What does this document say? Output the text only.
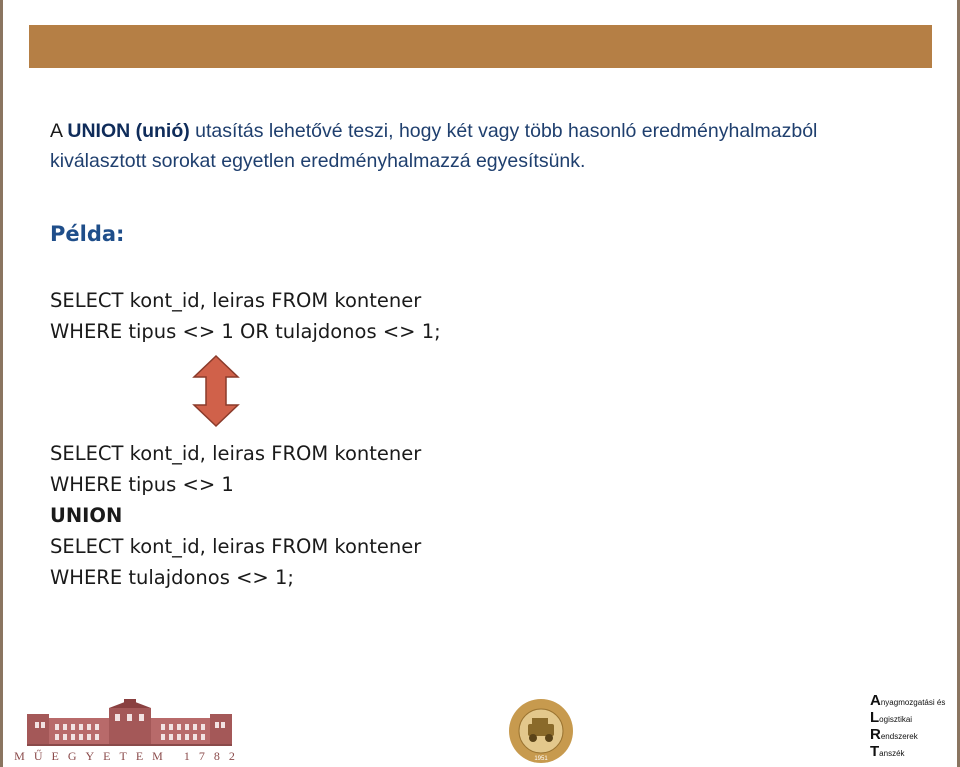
A UNION (unió) utasítás lehetővé teszi, hogy két vagy több hasonló eredményhalmazból kiválasztott sorokat egyetlen eredményhalmazzá egyesítsünk.

Példa:
SELECT kont_id, leiras FROM kontener
WHERE tipus <> 1 OR tulajdonos <> 1;
SELECT kont_id, leiras FROM kontener
WHERE tipus <> 1
UNION
SELECT kont_id, leiras FROM kontener
WHERE tulajdonos <> 1;
MŰEGYETEM 1782	1951
Anyagmozgatási és
Logisztikai
Rendszerek
Tanszék
